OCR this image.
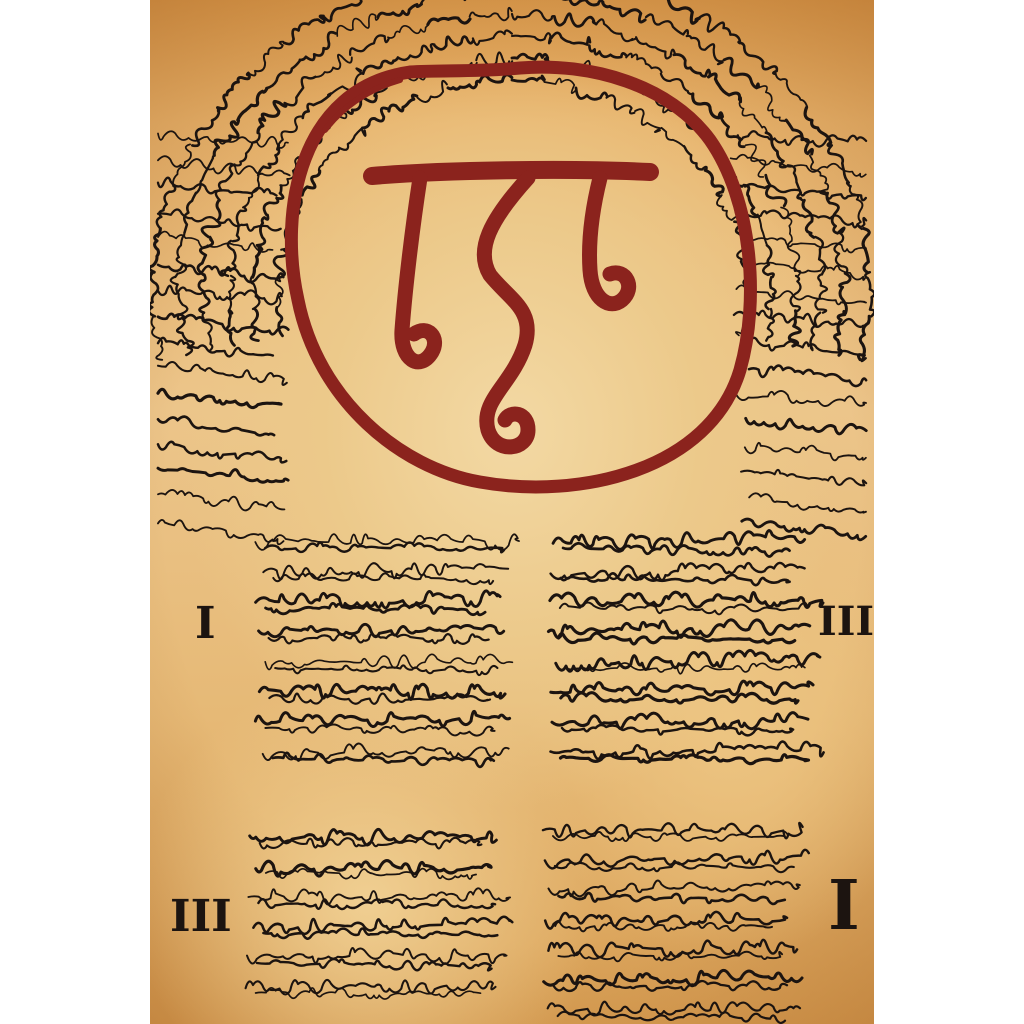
I	III
III	I
